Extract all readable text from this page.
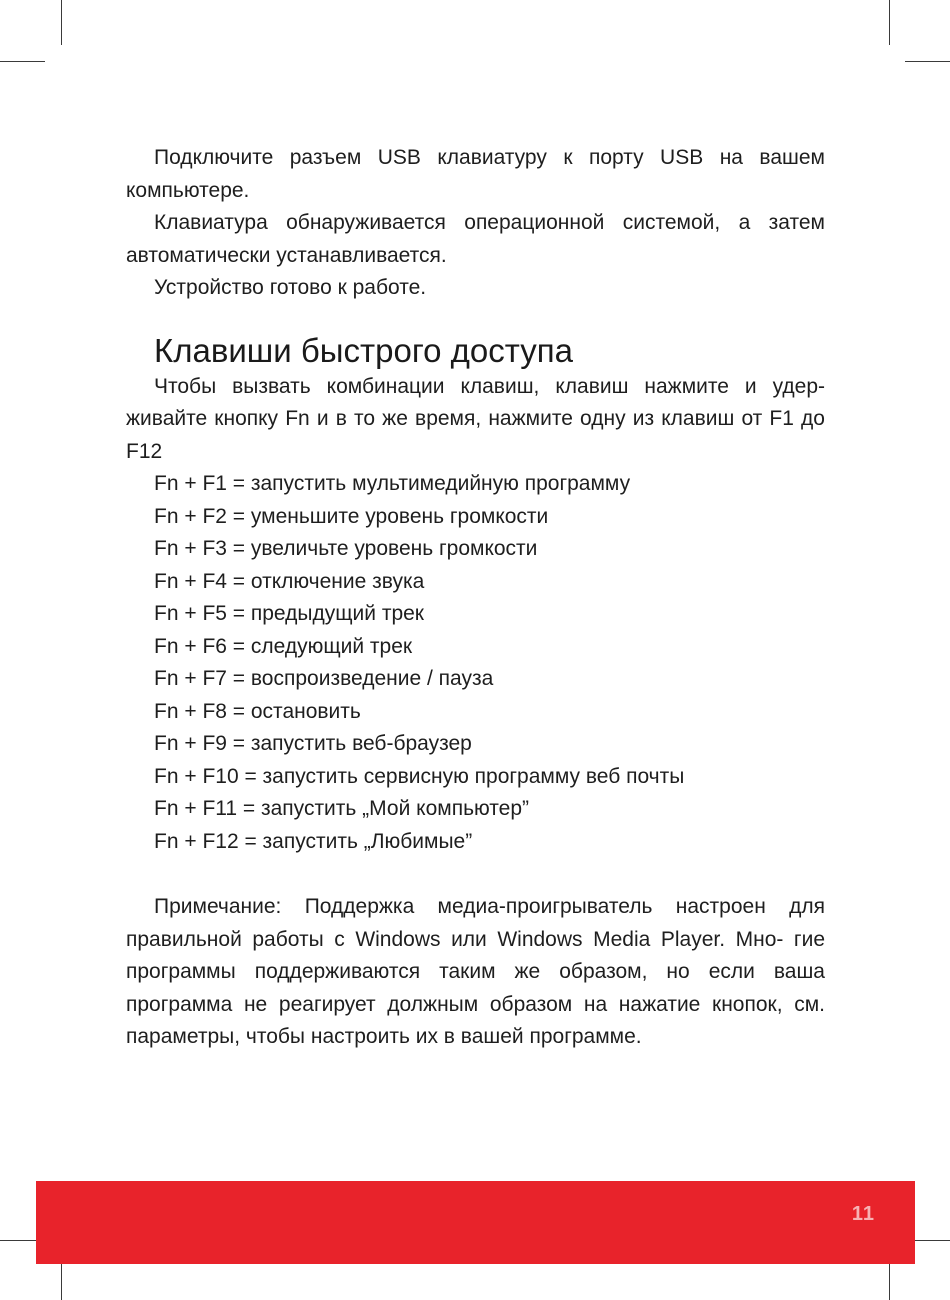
Подключите разъем USB клавиатуру к порту USB на вашем компьютере.

Клавиатура обнаруживается операционной системой, а затем автоматически устанавливается.

Устройство готово к работе.

Клавиши быстрого доступа

Чтобы вызвать комбинации клавиш, клавиш нажмите и удер- живайте кнопку Fn и в то же время, нажмите одну из клавиш от F1 до F12

Fn + F1 = запустить мультимедийную программу
Fn + F2 = уменьшите уровень громкости
Fn + F3 = увеличьте уровень громкости
Fn + F4 = отключение звука
Fn + F5 = предыдущий трек
Fn + F6 = следующий трек
Fn + F7 = воспроизведение / пауза
Fn + F8 = остановить
Fn + F9 = запустить веб-браузер
Fn + F10 = запустить сервисную программу веб почты
Fn + F11 = запустить „Мой компьютер”
Fn + F12 = запустить „Любимые”

Примечание: Поддержка медиа-проигрыватель настроен для правильной работы с Windows или Windows Media Player. Мно- гие программы поддерживаются таким же образом, но если ваша программа не реагирует должным образом на нажатие кнопок, см. параметры, чтобы настроить их в вашей программе.

11
